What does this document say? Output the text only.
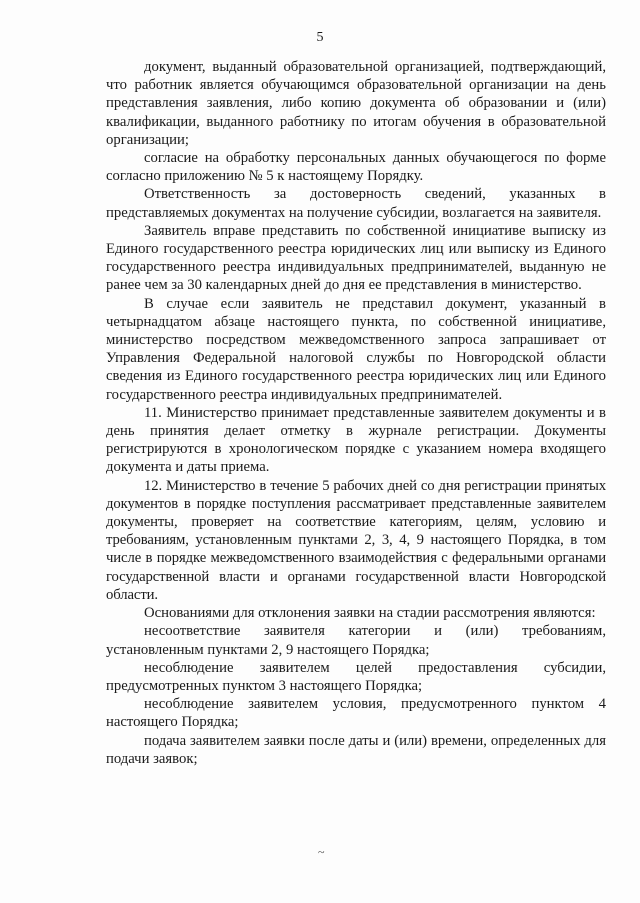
5

документ, выданный образовательной организацией, подтверждающий, что работник является обучающимся образовательной организации на день представления заявления, либо копию документа об образовании и (или) квалификации, выданного работнику по итогам обучения в образовательной организации;

согласие на обработку персональных данных обучающегося по форме согласно приложению № 5 к настоящему Порядку.

Ответственность за достоверность сведений, указанных в представляемых документах на получение субсидии, возлагается на заявителя.

Заявитель вправе представить по собственной инициативе выписку из Единого государственного реестра юридических лиц или выписку из Единого государственного реестра индивидуальных предпринимателей, выданную не ранее чем за 30 календарных дней до дня ее представления в министерство.

В случае если заявитель не представил документ, указанный в четырнадцатом абзаце настоящего пункта, по собственной инициативе, министерство посредством межведомственного запроса запрашивает от Управления Федеральной налоговой службы по Новгородской области сведения из Единого государственного реестра юридических лиц или Единого государственного реестра индивидуальных предпринимателей.

11. Министерство принимает представленные заявителем документы и в день принятия делает отметку в журнале регистрации. Документы регистрируются в хронологическом порядке с указанием номера входящего документа и даты приема.

12. Министерство в течение 5 рабочих дней со дня регистрации принятых документов в порядке поступления рассматривает представленные заявителем документы, проверяет на соответствие категориям, целям, условию и требованиям, установленным пунктами 2, 3, 4, 9 настоящего Порядка, в том числе в порядке межведомственного взаимодействия с федеральными органами государственной власти и органами государственной власти Новгородской области.

Основаниями для отклонения заявки на стадии рассмотрения являются:

несоответствие заявителя категории и (или) требованиям, установленным пунктами 2, 9 настоящего Порядка;

несоблюдение заявителем целей предоставления субсидии, предусмотренных пунктом 3 настоящего Порядка;

несоблюдение заявителем условия, предусмотренного пунктом 4 настоящего Порядка;

подача заявителем заявки после даты и (или) времени, определенных для подачи заявок;

~
